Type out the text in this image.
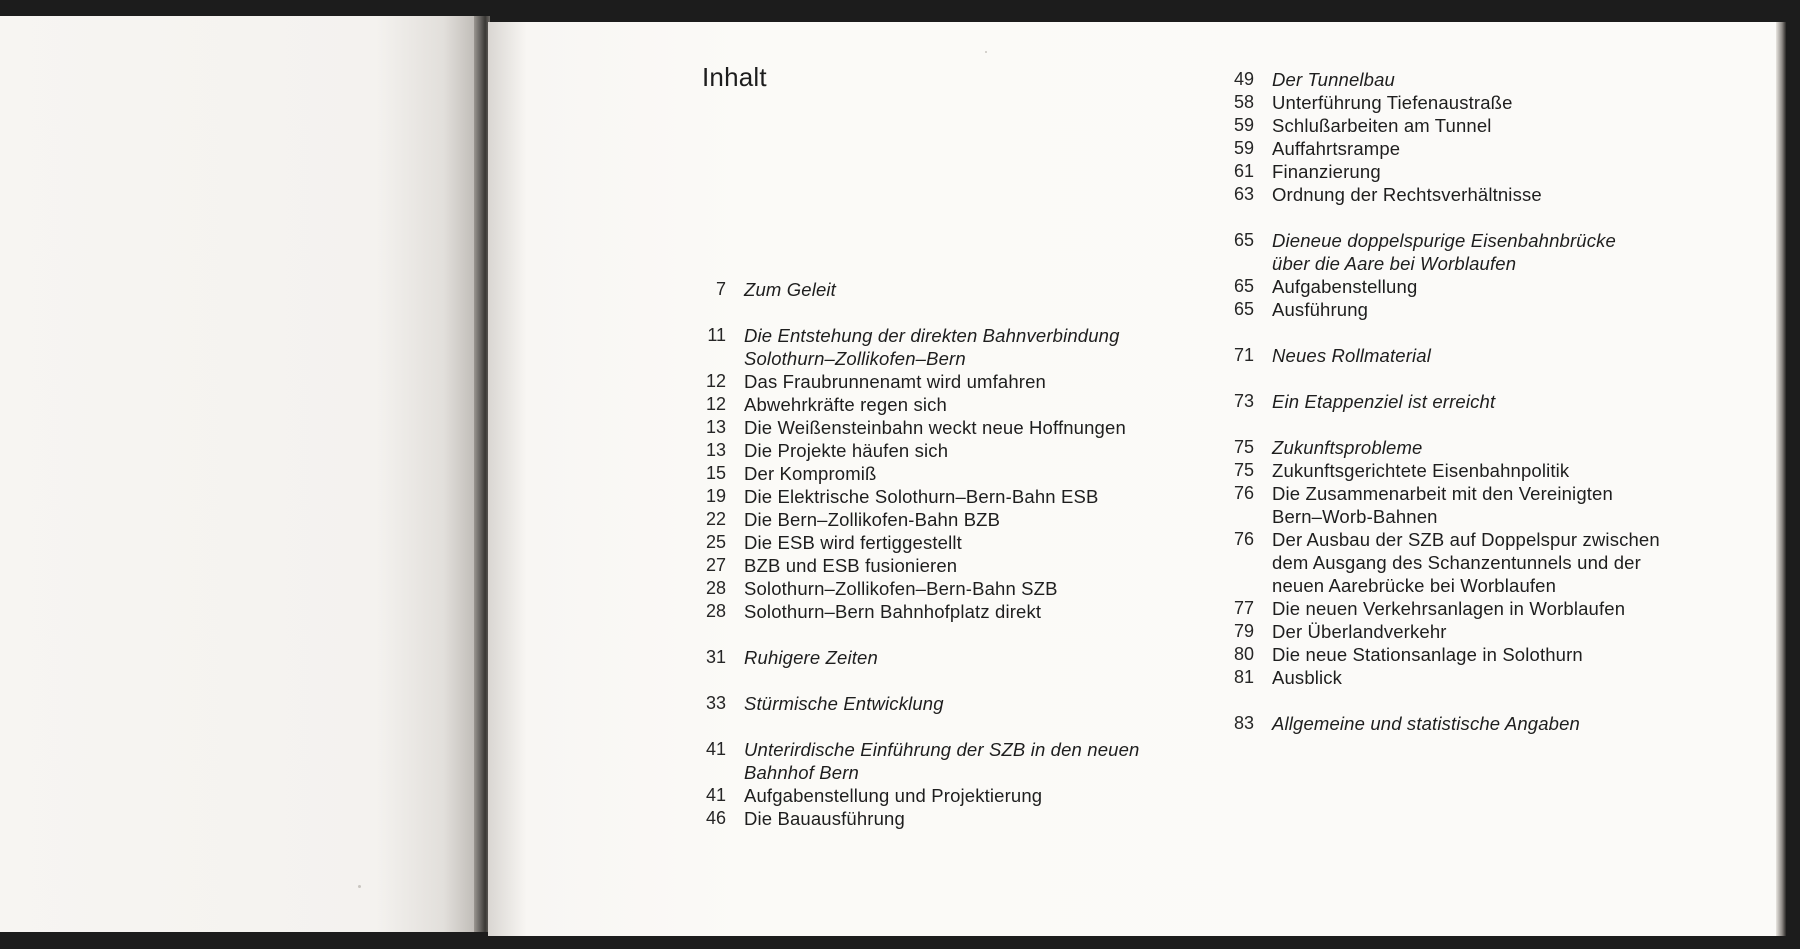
Inhalt
7 Zum Geleit
11 Die Entstehung der direkten Bahnverbindung
Solothurn–Zollikofen–Bern
12 Das Fraubrunnenamt wird umfahren
12 Abwehrkräfte regen sich
13 Die Weißensteinbahn weckt neue Hoffnungen
13 Die Projekte häufen sich
15 Der Kompromiß
19 Die Elektrische Solothurn–Bern-Bahn ESB
22 Die Bern–Zollikofen-Bahn BZB
25 Die ESB wird fertiggestellt
27 BZB und ESB fusionieren
28 Solothurn–Zollikofen–Bern-Bahn SZB
28 Solothurn–Bern Bahnhofplatz direkt
31 Ruhigere Zeiten
33 Stürmische Entwicklung
41 Unterirdische Einführung der SZB in den neuen
Bahnhof Bern
41 Aufgabenstellung und Projektierung
46 Die Bauausführung
49 Der Tunnelbau
58 Unterführung Tiefenaustraße
59 Schlußarbeiten am Tunnel
59 Auffahrtsrampe
61 Finanzierung
63 Ordnung der Rechtsverhältnisse
65 Dieneue doppelspurige Eisenbahnbrücke
über die Aare bei Worblaufen
65 Aufgabenstellung
65 Ausführung
71 Neues Rollmaterial
73 Ein Etappenziel ist erreicht
75 Zukunftsprobleme
75 Zukunftsgerichtete Eisenbahnpolitik
76 Die Zusammenarbeit mit den Vereinigten
Bern–Worb-Bahnen
76 Der Ausbau der SZB auf Doppelspur zwischen
dem Ausgang des Schanzentunnels und der
neuen Aarebrücke bei Worblaufen
77 Die neuen Verkehrsanlagen in Worblaufen
79 Der Überlandverkehr
80 Die neue Stationsanlage in Solothurn
81 Ausblick
83 Allgemeine und statistische Angaben
